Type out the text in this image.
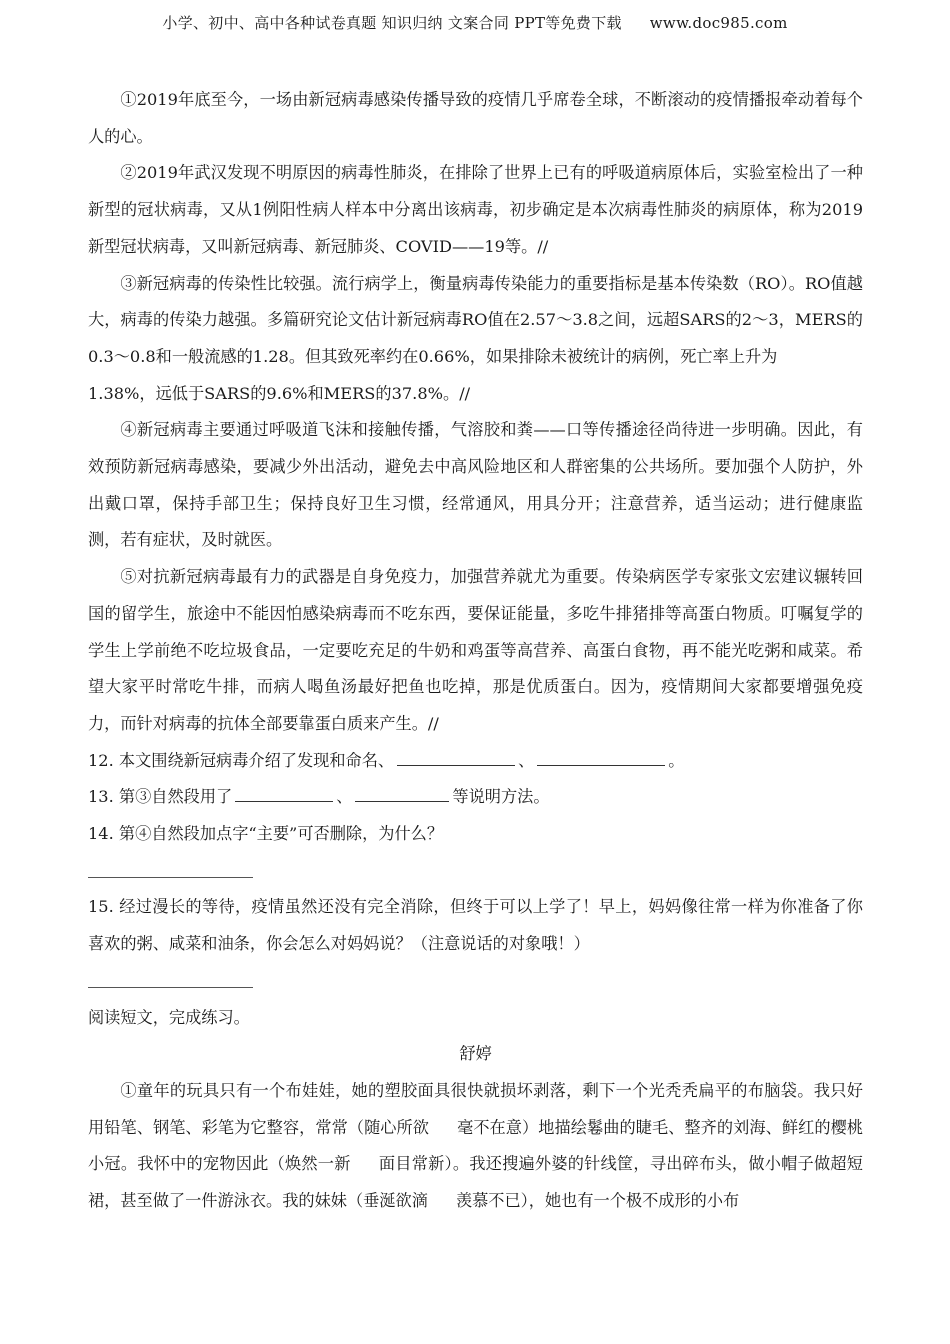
小学、初中、高中各种试卷真题 知识归纳 文案合同 PPT等免费下载 www.doc985.com

①2019年底至今，一场由新冠病毒感染传播导致的疫情几乎席卷全球，不断滚动的疫情播报牵动着每个人的心。

②2019年武汉发现不明原因的病毒性肺炎，在排除了世界上已有的呼吸道病原体后，实验室检出了一种新型的冠状病毒，又从1例阳性病人样本中分离出该病毒，初步确定是本次病毒性肺炎的病原体，称为2019新型冠状病毒，又叫新冠病毒、新冠肺炎、COVID——19等。//

③新冠病毒的传染性比较强。流行病学上，衡量病毒传染能力的重要指标是基本传染数（RO）。RO值越大，病毒的传染力越强。多篇研究论文估计新冠病毒RO值在2.57～3.8之间，远超SARS的2～3，MERS的0.3～0.8和一般流感的1.28。但其致死率约在0.66%，如果排除未被统计的病例，死亡率上升为

1.38%，远低于SARS的9.6%和MERS的37.8%。//

④新冠病毒主要通过呼吸道飞沫和接触传播，气溶胶和粪——口等传播途径尚待进一步明确。因此，有效预防新冠病毒感染，要减少外出活动，避免去中高风险地区和人群密集的公共场所。要加强个人防护，外出戴口罩，保持手部卫生；保持良好卫生习惯，经常通风，用具分开；注意营养，适当运动；进行健康监测，若有症状，及时就医。

⑤对抗新冠病毒最有力的武器是自身免疫力，加强营养就尤为重要。传染病医学专家张文宏建议辗转回国的留学生，旅途中不能因怕感染病毒而不吃东西，要保证能量，多吃牛排猪排等高蛋白物质。叮嘱复学的学生上学前绝不吃垃圾食品，一定要吃充足的牛奶和鸡蛋等高营养、高蛋白食物，再不能光吃粥和咸菜。希望大家平时常吃牛排，而病人喝鱼汤最好把鱼也吃掉，那是优质蛋白。因为，疫情期间大家都要增强免疫力，而针对病毒的抗体全部要靠蛋白质来产生。//

12. 本文围绕新冠病毒介绍了发现和命名、	、	。

13. 第③自然段用了	、	等说明方法。

14. 第④自然段加点字“主要”可否删除，为什么？

15. 经过漫长的等待，疫情虽然还没有完全消除，但终于可以上学了！早上，妈妈像往常一样为你准备了你喜欢的粥、咸菜和油条，你会怎么对妈妈说？（注意说话的对象哦！）

阅读短文，完成练习。

舒婷

①童年的玩具只有一个布娃娃，她的塑胶面具很快就损坏剥落，剩下一个光秃秃扁平的布脑袋。我只好用铅笔、钢笔、彩笔为它整容，常常（随心所欲 毫不在意）地描绘鬈曲的睫毛、整齐的刘海、鲜红的樱桃小冠。我怀中的宠物因此（焕然一新 面目常新）。我还搜遍外婆的针线筐，寻出碎布头，做小帽子做超短裙，甚至做了一件游泳衣。我的妹妹（垂涎欲滴 羡慕不已），她也有一个极不成形的小布
